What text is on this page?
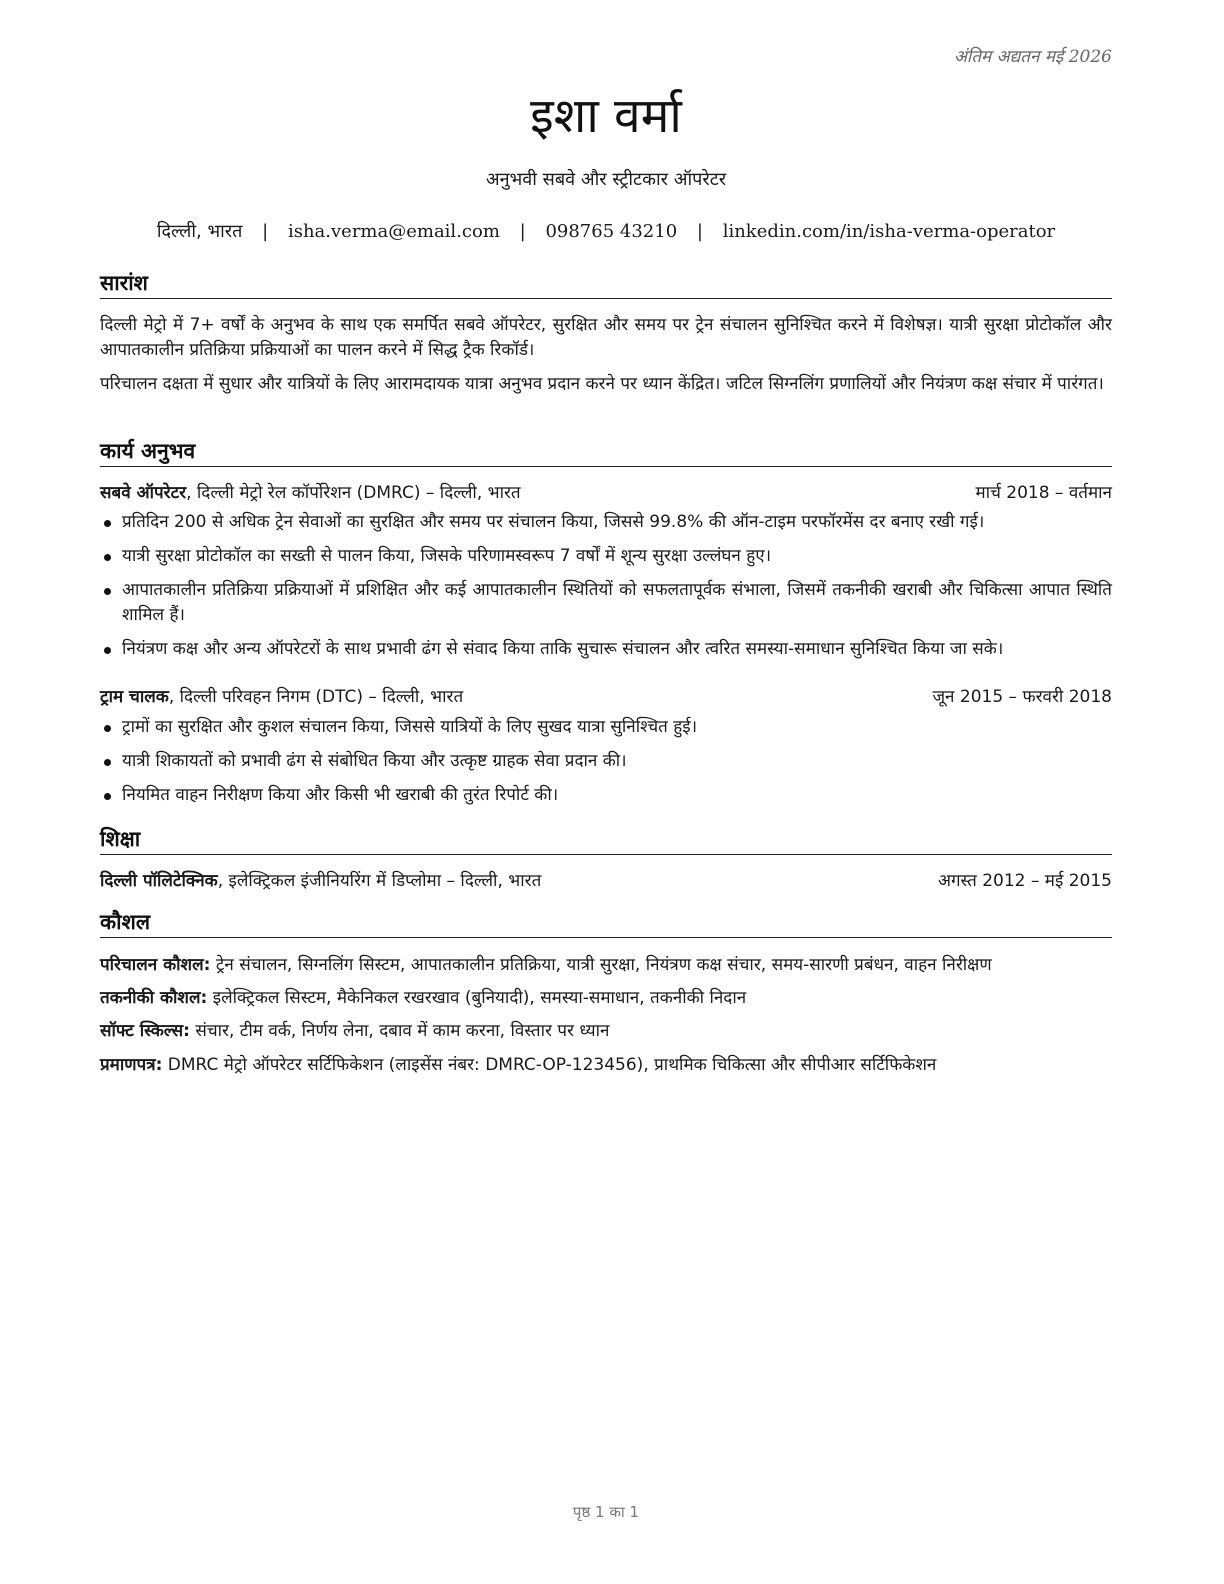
अंतिम अद्यतन मई 2026
इशा वर्मा
अनुभवी सबवे और स्ट्रीटकार ऑपरेटर
दिल्ली, भारत | isha.verma@email.com | 098765 43210 | linkedin.com/in/isha-verma-operator
सारांश
दिल्ली मेट्रो में 7+ वर्षों के अनुभव के साथ एक समर्पित सबवे ऑपरेटर, सुरक्षित और समय पर ट्रेन संचालन सुनिश्चित करने में विशेषज्ञ। यात्री सुरक्षा प्रोटोकॉल और आपातकालीन प्रतिक्रिया प्रक्रियाओं का पालन करने में सिद्ध ट्रैक रिकॉर्ड।
परिचालन दक्षता में सुधार और यात्रियों के लिए आरामदायक यात्रा अनुभव प्रदान करने पर ध्यान केंद्रित। जटिल सिग्नलिंग प्रणालियों और नियंत्रण कक्ष संचार में पारंगत।
कार्य अनुभव
सबवे ऑपरेटर, दिल्ली मेट्रो रेल कॉर्पोरेशन (DMRC) – दिल्ली, भारत	मार्च 2018 – वर्तमान
प्रतिदिन 200 से अधिक ट्रेन सेवाओं का सुरक्षित और समय पर संचालन किया, जिससे 99.8% की ऑन-टाइम परफॉरमेंस दर बनाए रखी गई।
यात्री सुरक्षा प्रोटोकॉल का सख्ती से पालन किया, जिसके परिणामस्वरूप 7 वर्षों में शून्य सुरक्षा उल्लंघन हुए।
आपातकालीन प्रतिक्रिया प्रक्रियाओं में प्रशिक्षित और कई आपातकालीन स्थितियों को सफलतापूर्वक संभाला, जिसमें तकनीकी खराबी और चिकित्सा आपात स्थिति शामिल हैं।
नियंत्रण कक्ष और अन्य ऑपरेटरों के साथ प्रभावी ढंग से संवाद किया ताकि सुचारू संचालन और त्वरित समस्या-समाधान सुनिश्चित किया जा सके।
ट्राम चालक, दिल्ली परिवहन निगम (DTC) – दिल्ली, भारत	जून 2015 – फरवरी 2018
ट्रामों का सुरक्षित और कुशल संचालन किया, जिससे यात्रियों के लिए सुखद यात्रा सुनिश्चित हुई।
यात्री शिकायतों को प्रभावी ढंग से संबोधित किया और उत्कृष्ट ग्राहक सेवा प्रदान की।
नियमित वाहन निरीक्षण किया और किसी भी खराबी की तुरंत रिपोर्ट की।
शिक्षा
दिल्ली पॉलिटेक्निक, इलेक्ट्रिकल इंजीनियरिंग में डिप्लोमा – दिल्ली, भारत	अगस्त 2012 – मई 2015
कौशल
परिचालन कौशल: ट्रेन संचालन, सिग्नलिंग सिस्टम, आपातकालीन प्रतिक्रिया, यात्री सुरक्षा, नियंत्रण कक्ष संचार, समय-सारणी प्रबंधन, वाहन निरीक्षण
तकनीकी कौशल: इलेक्ट्रिकल सिस्टम, मैकेनिकल रखरखाव (बुनियादी), समस्या-समाधान, तकनीकी निदान
सॉफ्ट स्किल्स: संचार, टीम वर्क, निर्णय लेना, दबाव में काम करना, विस्तार पर ध्यान
प्रमाणपत्र: DMRC मेट्रो ऑपरेटर सर्टिफिकेशन (लाइसेंस नंबर: DMRC-OP-123456), प्राथमिक चिकित्सा और सीपीआर सर्टिफिकेशन
पृष्ठ 1 का 1
